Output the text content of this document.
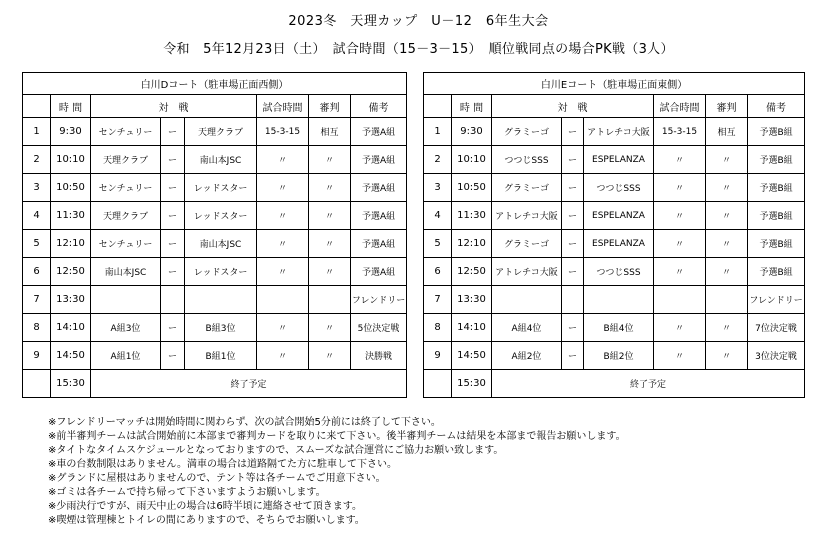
2023冬　天理カップ　U－12　6年生大会
令和　5年12月23日（土）　試合時間（15－3－15）　順位戦同点の場合PK戦（3人）
白川Dコート（駐車場正面西側）							
	時 間	対　戦			試合時間	審判	備考
1	9:30	センチュリー	ー	天理クラブ	15-3-15	相互	予選A組
2	10:10	天理クラブ	ー	南山本JSC	〃	〃	予選A組
3	10:50	センチュリー	ー	レッドスター	〃	〃	予選A組
4	11:30	天理クラブ	ー	レッドスター	〃	〃	予選A組
5	12:10	センチュリー	ー	南山本JSC	〃	〃	予選A組
6	12:50	南山本JSC	ー	レッドスター	〃	〃	予選A組
7	13:30						フレンドリー
8	14:10	A組3位	ー	B組3位	〃	〃	5位決定戦
9	14:50	A組1位	ー	B組1位	〃	〃	決勝戦
	15:30	終了予定					
白川Eコート（駐車場正面東側）							
	時 間	対　戦			試合時間	審判	備考
1	9:30	グラミーゴ	ー	アトレチコ大阪	15-3-15	相互	予選B組
2	10:10	つつじSSS	ー	ESPELANZA	〃	〃	予選B組
3	10:50	グラミーゴ	ー	つつじSSS	〃	〃	予選B組
4	11:30	アトレチコ大阪	ー	ESPELANZA	〃	〃	予選B組
5	12:10	グラミーゴ	ー	ESPELANZA	〃	〃	予選B組
6	12:50	アトレチコ大阪	ー	つつじSSS	〃	〃	予選B組
7	13:30						フレンドリー
8	14:10	A組4位	ー	B組4位	〃	〃	7位決定戦
9	14:50	A組2位	ー	B組2位	〃	〃	3位決定戦
	15:30	終了予定					
※フレンドリーマッチは開始時間に関わらず、次の試合開始5分前には終了して下さい。
※前半審判チームは試合開始前に本部まで審判カードを取りに来て下さい。後半審判チームは結果を本部まで報告お願いします。
※タイトなタイムスケジュールとなっておりますので、スムーズな試合運営にご協力お願い致します。
※車の台数制限はありません。満車の場合は道路隔てた方に駐車して下さい。
※グランドに屋根はありませんので、テント等は各チームでご用意下さい。
※ゴミは各チームで持ち帰って下さいますようお願いします。
※少雨決行ですが、雨天中止の場合は6時半頃に連絡させて頂きます。
※喫煙は管理棟とトイレの間にありますので、そちらでお願いします。
